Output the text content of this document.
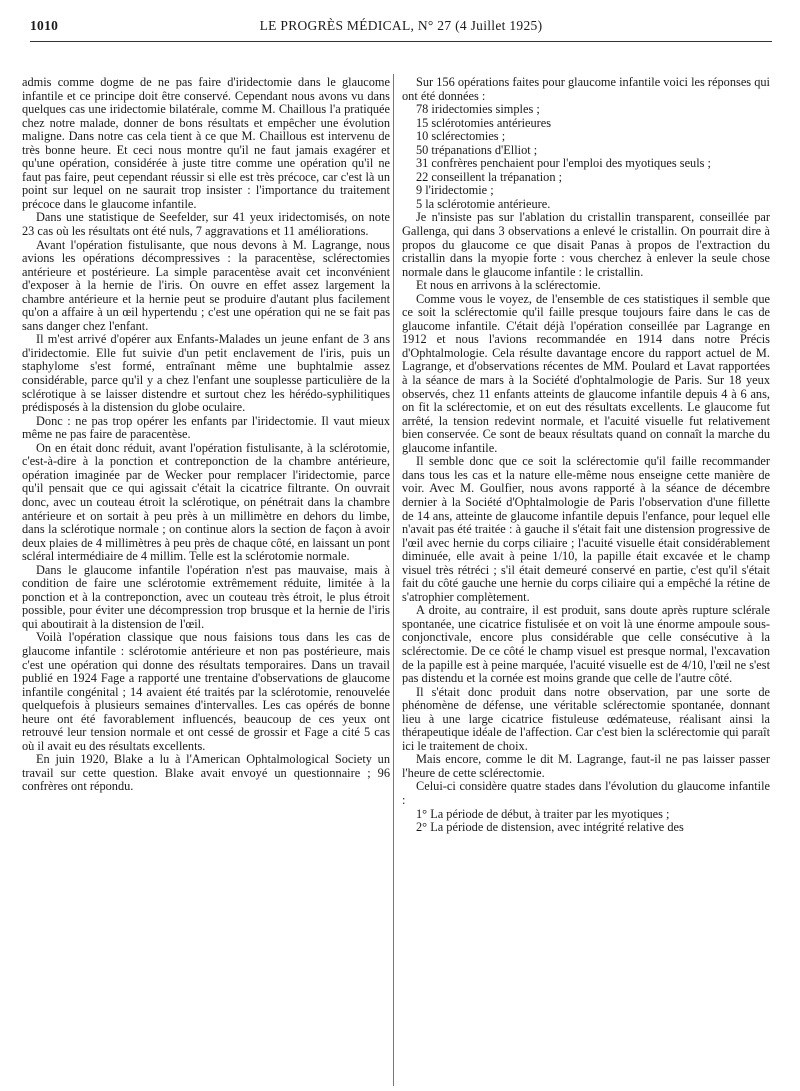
1010	LE PROGRÈS MÉDICAL, N° 27 (4 Juillet 1925)

admis comme dogme de ne pas faire d'iridectomie dans le glaucome infantile et ce principe doit être conservé. Cependant nous avons vu dans quelques cas une iridectomie bilatérale, comme M. Chaillous l'a pratiquée chez notre malade, donner de bons résultats et empêcher une évolution maligne. Dans notre cas cela tient à ce que M. Chaillous est intervenu de très bonne heure. Et ceci nous montre qu'il ne faut jamais exagérer et qu'une opération, considérée à juste titre comme une opération qu'il ne faut pas faire, peut cependant réussir si elle est très précoce, car c'est là un point sur lequel on ne saurait trop insister : l'importance du traitement précoce dans le glaucome infantile.

Dans une statistique de Seefelder, sur 41 yeux iridectomisés, on note 23 cas où les résultats ont été nuls, 7 aggravations et 11 améliorations.

Avant l'opération fistulisante, que nous devons à M. Lagrange, nous avions les opérations décompressives : la paracentèse, sclérectomies antérieure et postérieure. La simple paracentèse avait cet inconvénient d'exposer à la hernie de l'iris. On ouvre en effet assez largement la chambre antérieure et la hernie peut se produire d'autant plus facilement qu'on a affaire à un œil hypertendu ; c'est une opération qui ne se fait pas sans danger chez l'enfant.

Il m'est arrivé d'opérer aux Enfants-Malades un jeune enfant de 3 ans d'iridectomie. Elle fut suivie d'un petit enclavement de l'iris, puis un staphylome s'est formé, entraînant même une buphtalmie assez considérable, parce qu'il y a chez l'enfant une souplesse particulière de la sclérotique à se laisser distendre et surtout chez les hérédo-syphilitiques prédisposés à la distension du globe oculaire.

Donc : ne pas trop opérer les enfants par l'iridectomie. Il vaut mieux même ne pas faire de paracentèse.

On en était donc réduit, avant l'opération fistulisante, à la sclérotomie, c'est-à-dire à la ponction et contreponction de la chambre antérieure, opération imaginée par de Wecker pour remplacer l'iridectomie, parce qu'il pensait que ce qui agissait c'était la cicatrice filtrante. On ouvrait donc, avec un couteau étroit la sclérotique, on pénétrait dans la chambre antérieure et on sortait à peu près à un millimètre en dehors du limbe, dans la sclérotique normale ; on continue alors la section de façon à avoir deux plaies de 4 millimètres à peu près de chaque côté, en laissant un pont scléral intermédiaire de 4 millim. Telle est la sclérotomie normale.

Dans le glaucome infantile l'opération n'est pas mauvaise, mais à condition de faire une sclérotomie extrêmement réduite, limitée à la ponction et à la contreponction, avec un couteau très étroit, le plus étroit possible, pour éviter une décompression trop brusque et la hernie de l'iris qui aboutirait à la distension de l'œil.

Voilà l'opération classique que nous faisions tous dans les cas de glaucome infantile : sclérotomie antérieure et non pas postérieure, mais c'est une opération qui donne des résultats temporaires. Dans un travail publié en 1924 Fage a rapporté une trentaine d'observations de glaucome infantile congénital ; 14 avaient été traités par la sclérotomie, renouvelée quelquefois à plusieurs semaines d'intervalles. Les cas opérés de bonne heure ont été favorablement influencés, beaucoup de ces yeux ont retrouvé leur tension normale et ont cessé de grossir et Fage a cité 5 cas où il avait eu des résultats excellents.

En juin 1920, Blake a lu à l'American Ophtalmological Society un travail sur cette question. Blake avait envoyé un questionnaire ; 96 confrères ont répondu.

Sur 156 opérations faites pour glaucome infantile voici les réponses qui ont été données :

78 iridectomies simples ;

15 sclérotomies antérieures

10 sclérectomies ;

50 trépanations d'Elliot ;

31 confrères penchaient pour l'emploi des myotiques seuls ;

22 conseillent la trépanation ;

9 l'iridectomie ;

5 la sclérotomie antérieure.

Je n'insiste pas sur l'ablation du cristallin transparent, conseillée par Gallenga, qui dans 3 observations a enlevé le cristallin. On pourrait dire à propos du glaucome ce que disait Panas à propos de l'extraction du cristallin dans la myopie forte : vous cherchez à enlever la seule chose normale dans le glaucome infantile : le cristallin.

Et nous en arrivons à la sclérectomie.

Comme vous le voyez, de l'ensemble de ces statistiques il semble que ce soit la sclérectomie qu'il faille presque toujours faire dans le cas de glaucome infantile. C'était déjà l'opération conseillée par Lagrange en 1912 et nous l'avions recommandée en 1914 dans notre Précis d'Ophtalmologie. Cela résulte davantage encore du rapport actuel de M. Lagrange, et d'observations récentes de MM. Poulard et Lavat rapportées à la séance de mars à la Société d'ophtalmologie de Paris. Sur 18 yeux observés, chez 11 enfants atteints de glaucome infantile depuis 4 à 6 ans, on fit la sclérectomie, et on eut des résultats excellents. Le glaucome fut arrêté, la tension redevint normale, et l'acuité visuelle fut relativement bien conservée. Ce sont de beaux résultats quand on connaît la marche du glaucome infantile.

Il semble donc que ce soit la sclérectomie qu'il faille recommander dans tous les cas et la nature elle-même nous enseigne cette manière de voir. Avec M. Goulfier, nous avons rapporté à la séance de décembre dernier à la Société d'Ophtalmologie de Paris l'observation d'une fillette de 14 ans, atteinte de glaucome infantile depuis l'enfance, pour lequel elle n'avait pas été traitée : à gauche il s'était fait une distension progressive de l'œil avec hernie du corps ciliaire ; l'acuité visuelle était considérablement diminuée, elle avait à peine 1/10, la papille était excavée et le champ visuel très rétréci ; s'il était demeuré conservé en partie, c'est qu'il s'était fait du côté gauche une hernie du corps ciliaire qui a empêché la rétine de s'atrophier complètement.

A droite, au contraire, il est produit, sans doute après rupture sclérale spontanée, une cicatrice fistulisée et on voit là une énorme ampoule sous-conjonctivale, encore plus considérable que celle consécutive à la sclérectomie. De ce côté le champ visuel est presque normal, l'excavation de la papille est à peine marquée, l'acuité visuelle est de 4/10, l'œil ne s'est pas distendu et la cornée est moins grande que celle de l'autre côté.

Il s'était donc produit dans notre observation, par une sorte de phénomène de défense, une véritable sclérectomie spontanée, donnant lieu à une large cicatrice fistuleuse œdémateuse, réalisant ainsi la thérapeutique idéale de l'affection. Car c'est bien la sclérectomie qui paraît ici le traitement de choix.

Mais encore, comme le dit M. Lagrange, faut-il ne pas laisser passer l'heure de cette sclérectomie.

Celui-ci considère quatre stades dans l'évolution du glaucome infantile :

1° La période de début, à traiter par les myotiques ;

2° La période de distension, avec intégrité relative des
